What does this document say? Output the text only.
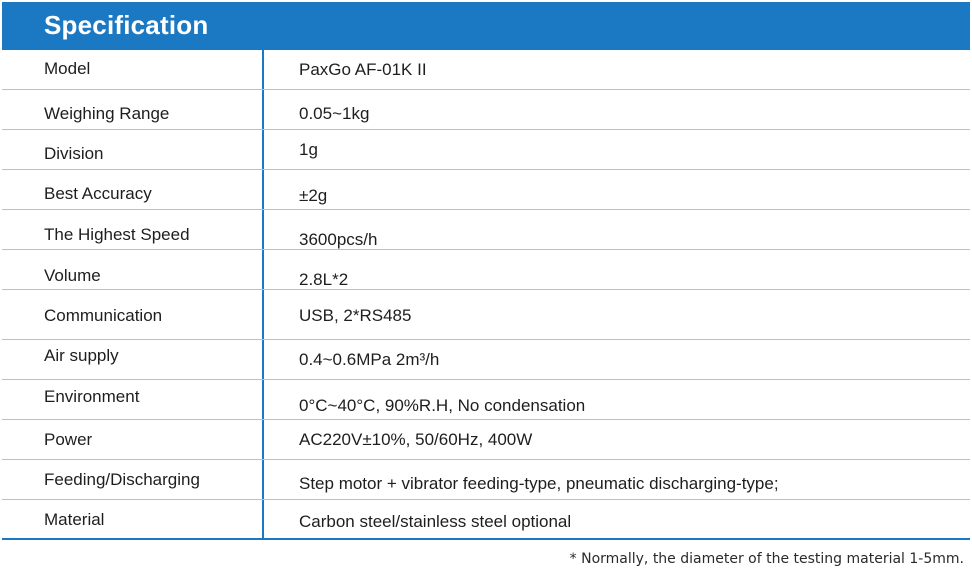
Specification
Model	PaxGo AF-01K II
Weighing Range	0.05~1kg
Division	1g
Best Accuracy	±2g
The Highest Speed	3600pcs/h
Volume	2.8L*2
Communication	USB, 2*RS485
Air supply	0.4~0.6MPa 2m³/h
Environment	0°C~40°C, 90%R.H, No condensation
Power	AC220V±10%, 50/60Hz, 400W
Feeding/Discharging	Step motor + vibrator feeding-type, pneumatic discharging-type;
Material	Carbon steel/stainless steel optional
* Normally, the diameter of the testing material 1-5mm.
